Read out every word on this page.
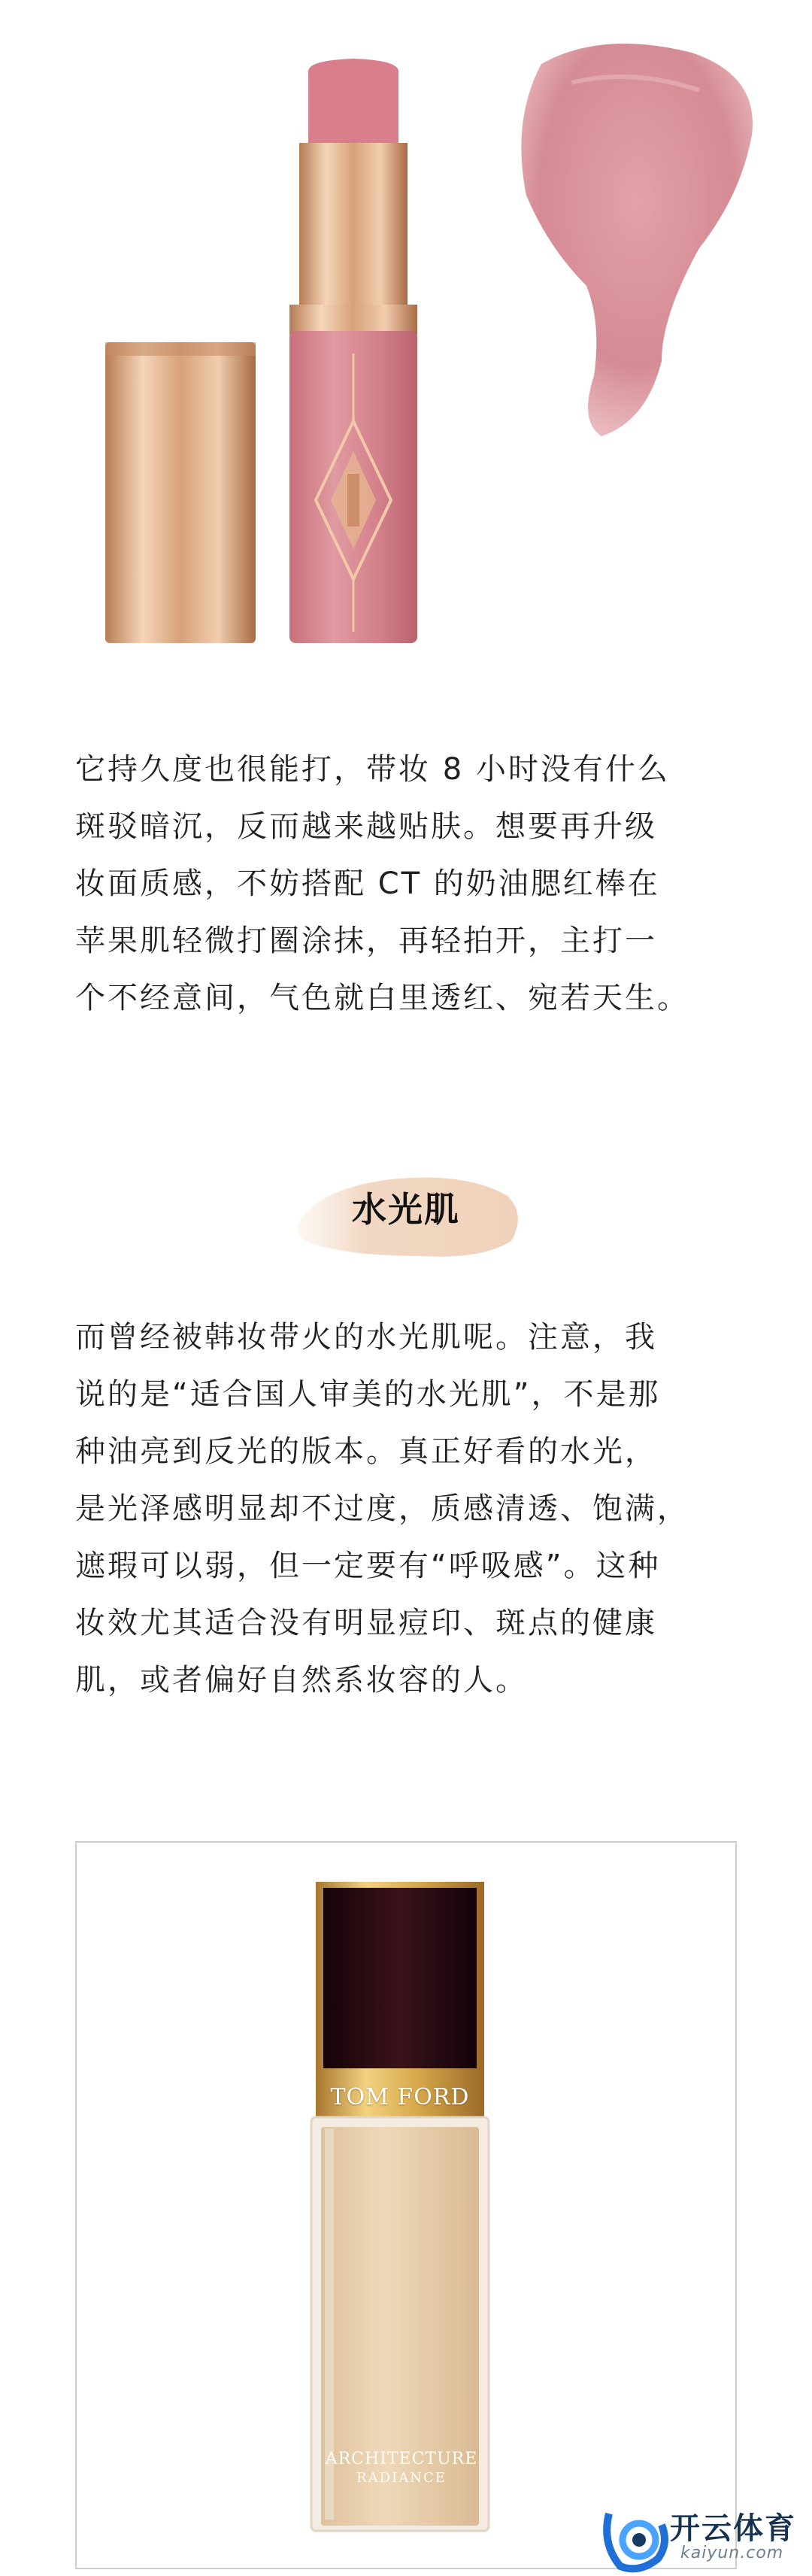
它持久度也很能打，带妆 8 小时没有什么
斑驳暗沉，反而越来越贴肤。想要再升级
妆面质感，不妨搭配 CT 的奶油腮红棒在
苹果肌轻微打圈涂抹，再轻拍开，主打一
个不经意间，气色就白里透红、宛若天生。
水光肌
而曾经被韩妆带火的水光肌呢。注意，我
说的是“适合国人审美的水光肌”，不是那
种油亮到反光的版本。真正好看的水光，
是光泽感明显却不过度，质感清透、饱满，
遮瑕可以弱，但一定要有“呼吸感”。这种
妆效尤其适合没有明显痘印、斑点的健康
肌，或者偏好自然系妆容的人。
TOM FORD
ARCHITECTURE
RADIANCE
开云体育
kaiyun.com
